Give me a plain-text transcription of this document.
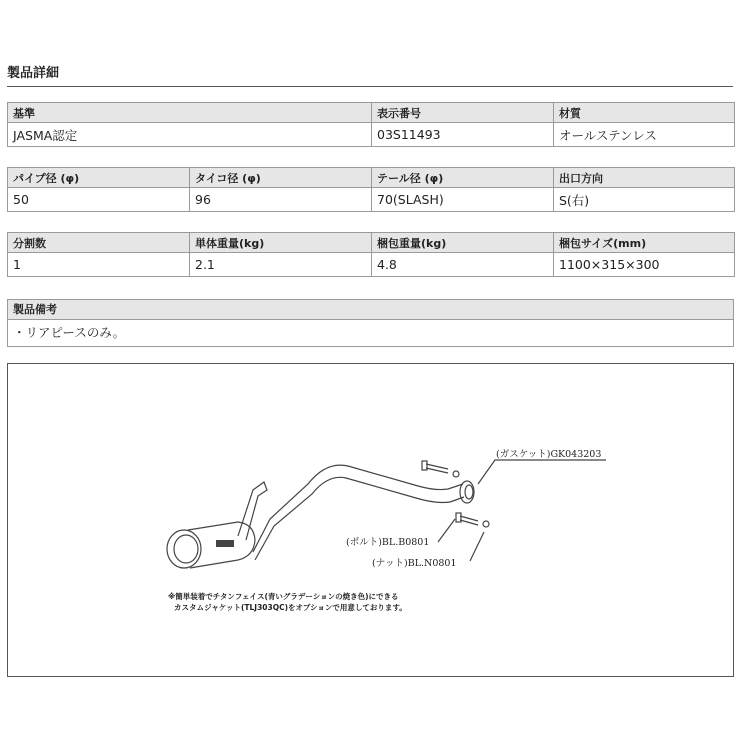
製品詳細
基準	表示番号	材質
JASMA認定	03S11493	オールステンレス
パイプ径 (φ)	タイコ径 (φ)	テール径 (φ)	出口方向
50	96	70(SLASH)	S(右)
分割数	単体重量(kg)	梱包重量(kg)	梱包サイズ(mm)
1	2.1	4.8	1100×315×300
製品備考
・リアピースのみ。
(ガスケット)GK043203
(ボルト)BL.B0801
(ナット)BL.N0801
※簡単装着でチタンフェイス(青いグラデーションの焼き色)にできる
カスタムジャケット(TLJ303QC)をオプションで用意しております。
